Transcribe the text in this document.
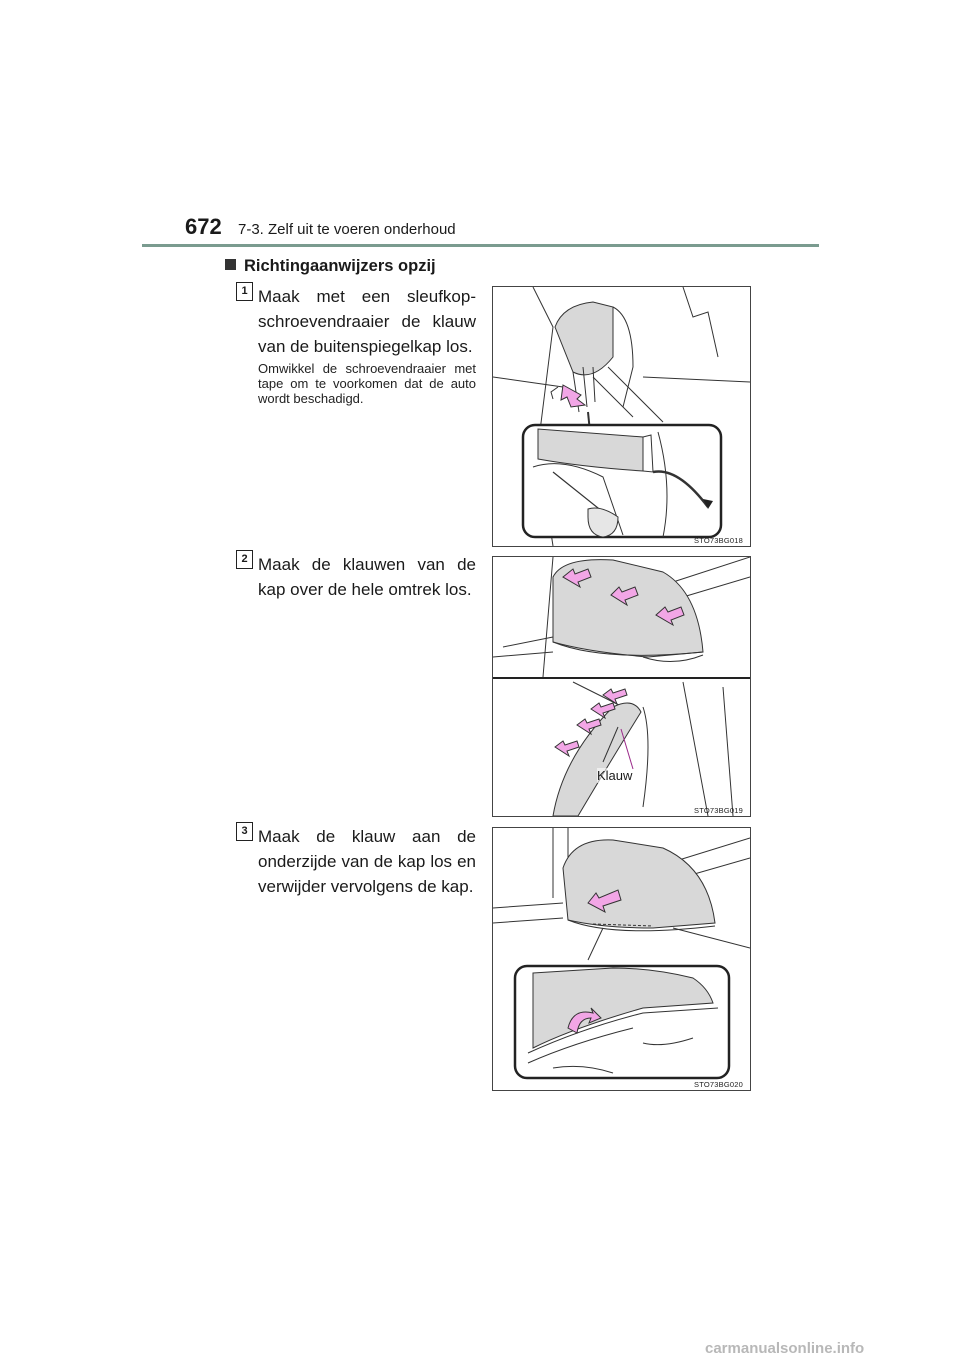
672 7-3. Zelf uit te voeren onderhoud
Richtingaanwijzers opzij
1 Maak met een sleufkop-schroevendraaier de klauw van de buitenspiegelkap los.
Omwikkel de schroevendraaier met tape om te voorkomen dat de auto wordt beschadigd.
STO73BG018
2 Maak de klauwen van de kap over de hele omtrek los.
Klauw
STO73BG019
3 Maak de klauw aan de onderzijde van de kap los en verwijder vervolgens de kap.
STO73BG020
carmanualsonline.info
